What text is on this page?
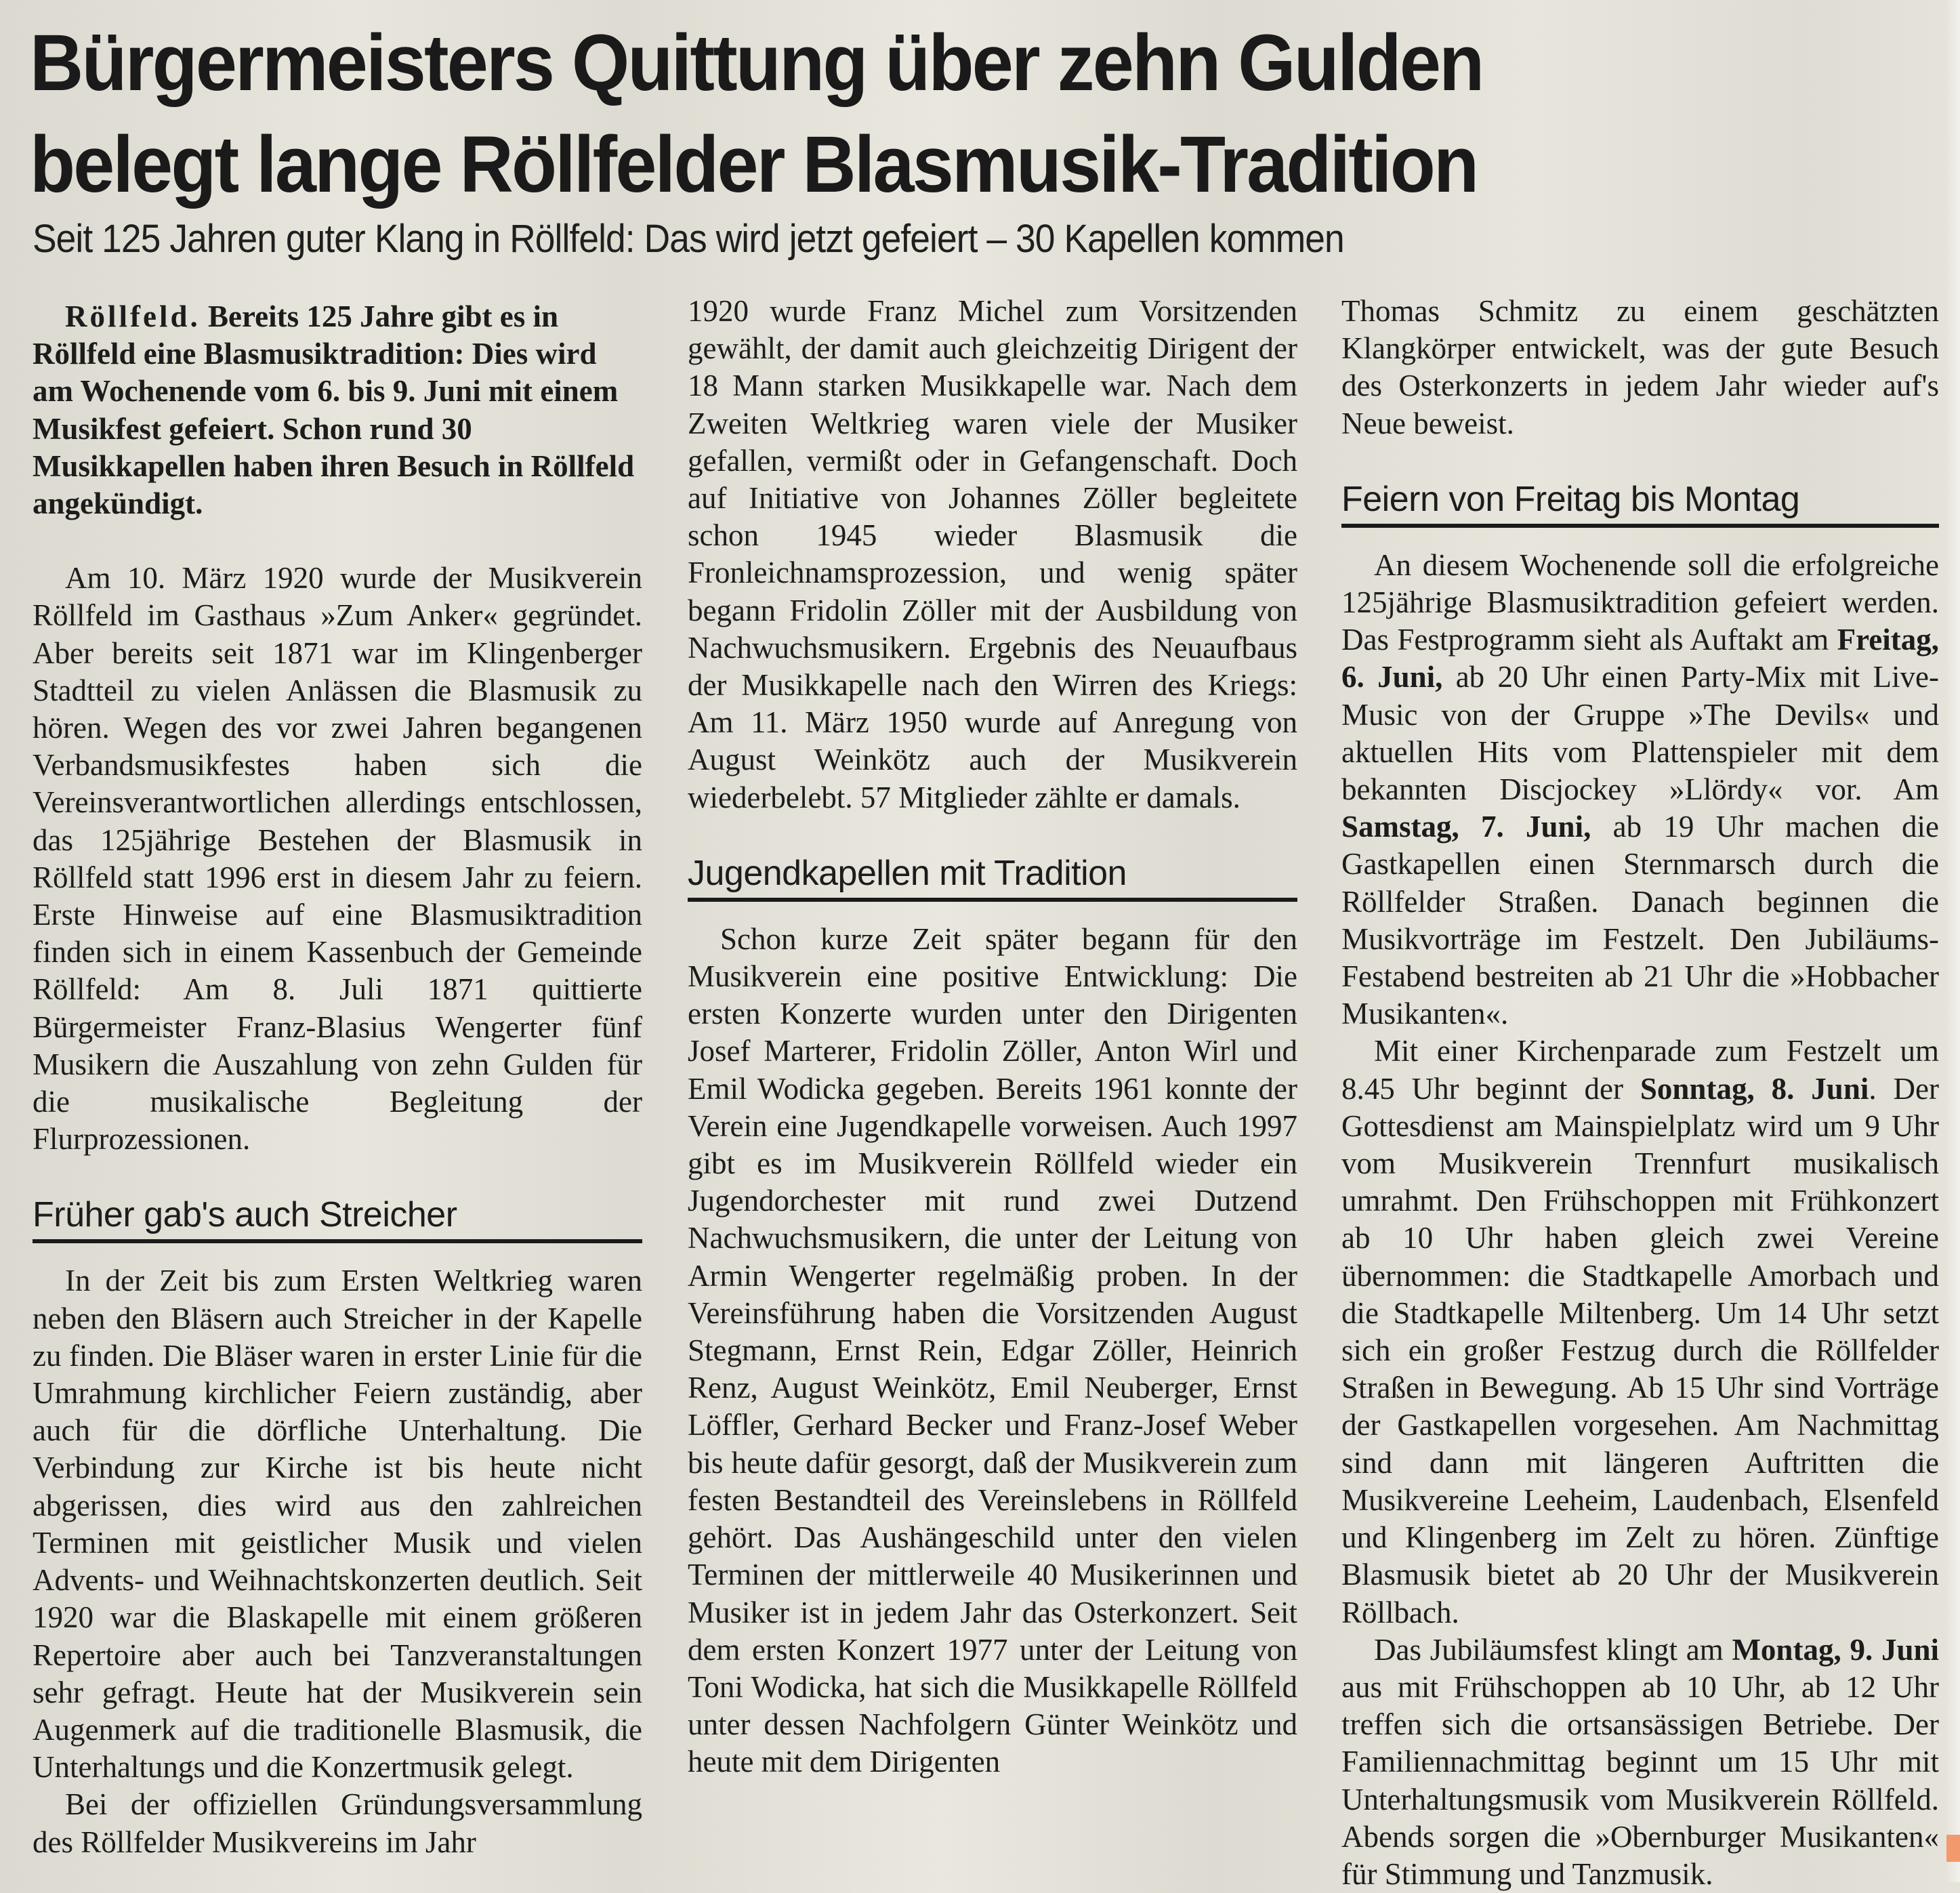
Bürgermeisters Quittung über zehn Gulden
belegt lange Röllfelder Blasmusik-Tradition
Seit 125 Jahren guter Klang in Röllfeld: Das wird jetzt gefeiert – 30 Kapellen kommen

Röllfeld. Bereits 125 Jahre gibt es in Röllfeld eine Blasmusiktradition: Dies wird am Wochenende vom 6. bis 9. Juni mit einem Musikfest gefeiert. Schon rund 30 Musikkapellen haben ihren Besuch in Röllfeld angekündigt.

Am 10. März 1920 wurde der Musikverein Röllfeld im Gasthaus »Zum Anker« gegründet. Aber bereits seit 1871 war im Klingenberger Stadtteil zu vielen Anlässen die Blasmusik zu hören. Wegen des vor zwei Jahren begangenen Verbandsmusikfestes haben sich die Vereinsverantwortlichen allerdings entschlossen, das 125jährige Bestehen der Blasmusik in Röllfeld statt 1996 erst in diesem Jahr zu feiern. Erste Hinweise auf eine Blasmusiktradition finden sich in einem Kassenbuch der Gemeinde Röllfeld: Am 8. Juli 1871 quittierte Bürgermeister Franz-Blasius Wengerter fünf Musikern die Auszahlung von zehn Gulden für die musikalische Begleitung der Flurprozessionen.

Früher gab's auch Streicher

In der Zeit bis zum Ersten Weltkrieg waren neben den Bläsern auch Streicher in der Kapelle zu finden. Die Bläser waren in erster Linie für die Umrahmung kirchlicher Feiern zuständig, aber auch für die dörfliche Unterhaltung. Die Verbindung zur Kirche ist bis heute nicht abgerissen, dies wird aus den zahlreichen Terminen mit geistlicher Musik und vielen Advents- und Weihnachtskonzerten deutlich. Seit 1920 war die Blaskapelle mit einem größeren Repertoire aber auch bei Tanzveranstaltungen sehr gefragt. Heute hat der Musikverein sein Augenmerk auf die traditionelle Blasmusik, die Unterhaltungs und die Konzertmusik gelegt.

Bei der offiziellen Gründungsversammlung des Röllfelder Musikvereins im Jahr

1920 wurde Franz Michel zum Vorsitzenden gewählt, der damit auch gleichzeitig Dirigent der 18 Mann starken Musikkapelle war. Nach dem Zweiten Weltkrieg waren viele der Musiker gefallen, vermißt oder in Gefangenschaft. Doch auf Initiative von Johannes Zöller begleitete schon 1945 wieder Blasmusik die Fronleichnamsprozession, und wenig später begann Fridolin Zöller mit der Ausbildung von Nachwuchsmusikern. Ergebnis des Neuaufbaus der Musikkapelle nach den Wirren des Kriegs: Am 11. März 1950 wurde auf Anregung von August Weinkötz auch der Musikverein wiederbelebt. 57 Mitglieder zählte er damals.

Jugendkapellen mit Tradition

Schon kurze Zeit später begann für den Musikverein eine positive Entwicklung: Die ersten Konzerte wurden unter den Dirigenten Josef Marterer, Fridolin Zöller, Anton Wirl und Emil Wodicka gegeben. Bereits 1961 konnte der Verein eine Jugendkapelle vorweisen. Auch 1997 gibt es im Musikverein Röllfeld wieder ein Jugendorchester mit rund zwei Dutzend Nachwuchsmusikern, die unter der Leitung von Armin Wengerter regelmäßig proben. In der Vereinsführung haben die Vorsitzenden August Stegmann, Ernst Rein, Edgar Zöller, Heinrich Renz, August Weinkötz, Emil Neuberger, Ernst Löffler, Gerhard Becker und Franz-Josef Weber bis heute dafür gesorgt, daß der Musikverein zum festen Bestandteil des Vereinslebens in Röllfeld gehört. Das Aushängeschild unter den vielen Terminen der mittlerweile 40 Musikerinnen und Musiker ist in jedem Jahr das Osterkonzert. Seit dem ersten Konzert 1977 unter der Leitung von Toni Wodicka, hat sich die Musikkapelle Röllfeld unter dessen Nachfolgern Günter Weinkötz und heute mit dem Dirigenten

Thomas Schmitz zu einem geschätzten Klangkörper entwickelt, was der gute Besuch des Osterkonzerts in jedem Jahr wieder auf's Neue beweist.

Feiern von Freitag bis Montag

An diesem Wochenende soll die erfolgreiche 125jährige Blasmusiktradition gefeiert werden. Das Festprogramm sieht als Auftakt am Freitag, 6. Juni, ab 20 Uhr einen Party-Mix mit Live-Music von der Gruppe »The Devils« und aktuellen Hits vom Plattenspieler mit dem bekannten Discjockey »Llördy« vor. Am Samstag, 7. Juni, ab 19 Uhr machen die Gastkapellen einen Sternmarsch durch die Röllfelder Straßen. Danach beginnen die Musikvorträge im Festzelt. Den Jubiläums-Festabend bestreiten ab 21 Uhr die »Hobbacher Musikanten«.

Mit einer Kirchenparade zum Festzelt um 8.45 Uhr beginnt der Sonntag, 8. Juni. Der Gottesdienst am Mainspielplatz wird um 9 Uhr vom Musikverein Trennfurt musikalisch umrahmt. Den Frühschoppen mit Frühkonzert ab 10 Uhr haben gleich zwei Vereine übernommen: die Stadtkapelle Amorbach und die Stadtkapelle Miltenberg. Um 14 Uhr setzt sich ein großer Festzug durch die Röllfelder Straßen in Bewegung. Ab 15 Uhr sind Vorträge der Gastkapellen vorgesehen. Am Nachmittag sind dann mit längeren Auftritten die Musikvereine Leeheim, Laudenbach, Elsenfeld und Klingenberg im Zelt zu hören. Zünftige Blasmusik bietet ab 20 Uhr der Musikverein Röllbach.

Das Jubiläumsfest klingt am Montag, 9. Juni aus mit Frühschoppen ab 10 Uhr, ab 12 Uhr treffen sich die ortsansässigen Betriebe. Der Familiennachmittag beginnt um 15 Uhr mit Unterhaltungsmusik vom Musikverein Röllfeld. Abends sorgen die »Obernburger Musikanten« für Stimmung und Tanzmusik.
